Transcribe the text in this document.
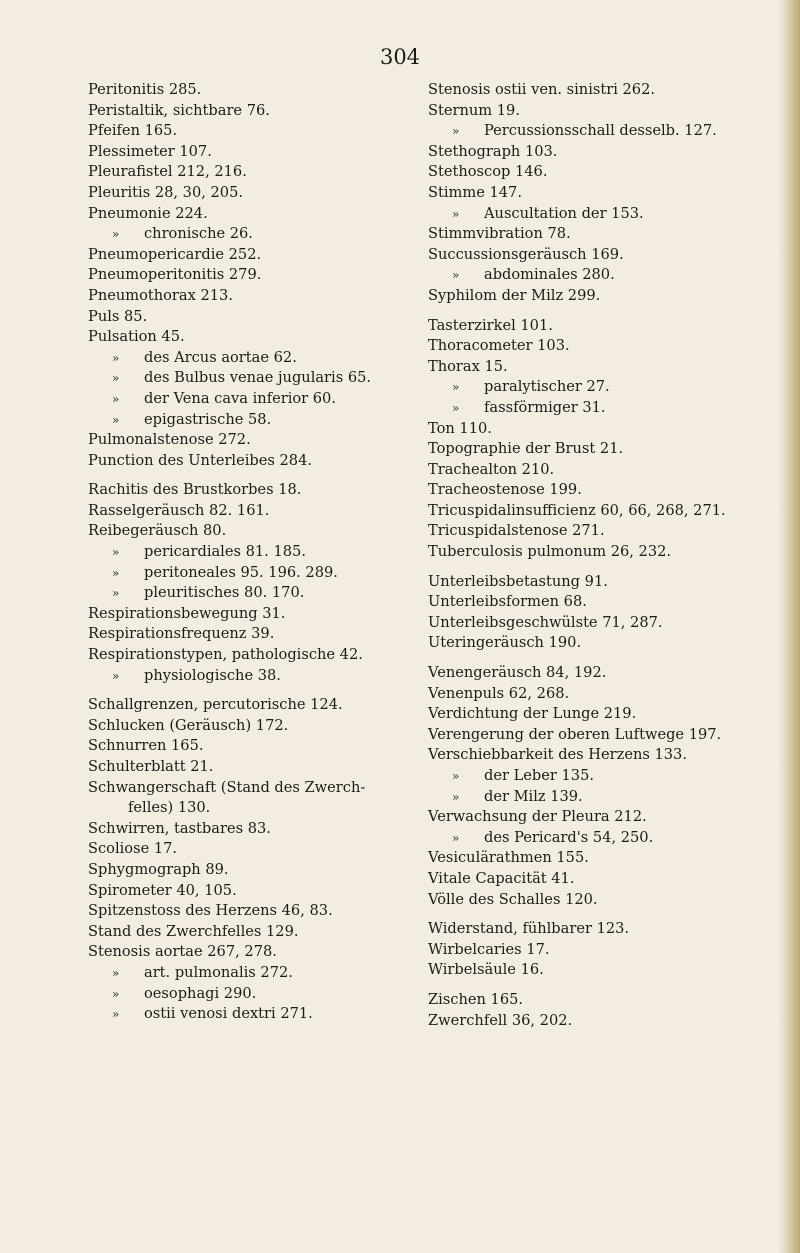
304
Peritonitis 285.
Peristaltik, sichtbare 76.
Pfeifen 165.
Plessimeter 107.
Pleurafistel 212, 216.
Pleuritis 28, 30, 205.
Pneumonie 224.
» chronische 26.
Pneumopericardie 252.
Pneumoperitonitis 279.
Pneumothorax 213.
Puls 85.
Pulsation 45.
» des Arcus aortae 62.
» des Bulbus venae jugularis 65.
» der Vena cava inferior 60.
» epigastrische 58.
Pulmonalstenose 272.
Punction des Unterleibes 284.
Rachitis des Brustkorbes 18.
Rasselgeräusch 82. 161.
Reibegeräusch 80.
» pericardiales 81. 185.
» peritoneales 95. 196. 289.
» pleuritisches 80. 170.
Respirationsbewegung 31.
Respirationsfrequenz 39.
Respirationstypen, pathologische 42.
» physiologische 38.
Schallgrenzen, percutorische 124.
Schlucken (Geräusch) 172.
Schnurren 165.
Schulterblatt 21.
Schwangerschaft (Stand des Zwerch-
felles) 130.
Schwirren, tastbares 83.
Scoliose 17.
Sphygmograph 89.
Spirometer 40, 105.
Spitzenstoss des Herzens 46, 83.
Stand des Zwerchfelles 129.
Stenosis aortae 267, 278.
» art. pulmonalis 272.
» oesophagi 290.
» ostii venosi dextri 271.
Stenosis ostii ven. sinistri 262.
Sternum 19.
» Percussionsschall desselb. 127.
Stethograph 103.
Stethoscop 146.
Stimme 147.
» Auscultation der 153.
Stimmvibration 78.
Succussionsgeräusch 169.
» abdominales 280.
Syphilom der Milz 299.
Tasterzirkel 101.
Thoracometer 103.
Thorax 15.
» paralytischer 27.
» fassförmiger 31.
Ton 110.
Topographie der Brust 21.
Trachealton 210.
Tracheostenose 199.
Tricuspidalinsufficienz 60, 66, 268, 271.
Tricuspidalstenose 271.
Tuberculosis pulmonum 26, 232.
Unterleibsbetastung 91.
Unterleibsformen 68.
Unterleibsgeschwülste 71, 287.
Uteringeräusch 190.
Venengeräusch 84, 192.
Venenpuls 62, 268.
Verdichtung der Lunge 219.
Verengerung der oberen Luftwege 197.
Verschiebbarkeit des Herzens 133.
» der Leber 135.
» der Milz 139.
Verwachsung der Pleura 212.
» des Pericard's 54, 250.
Vesiculärathmen 155.
Vitale Capacität 41.
Völle des Schalles 120.
Widerstand, fühlbarer 123.
Wirbelcaries 17.
Wirbelsäule 16.
Zischen 165.
Zwerchfell 36, 202.
